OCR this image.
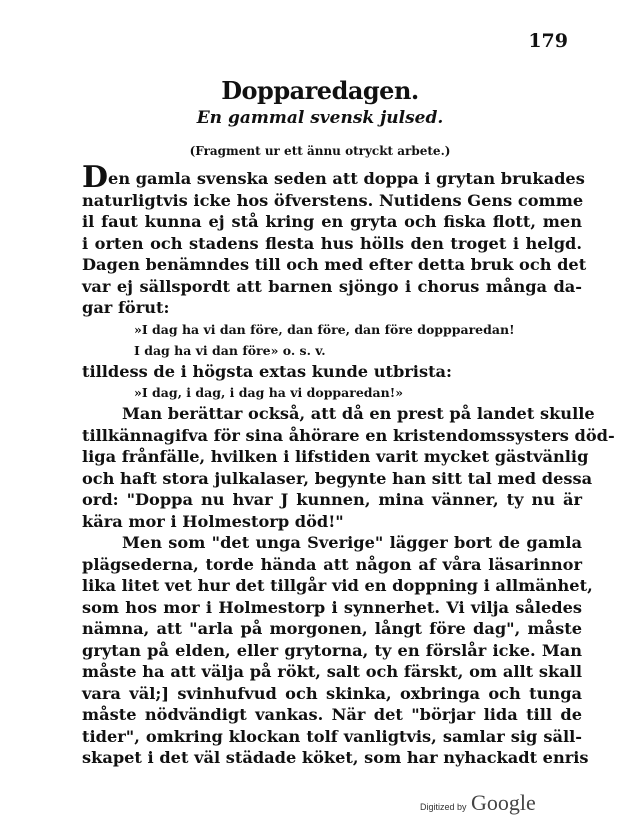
179
Dopparedagen.
En gammal svensk julsed.
(Fragment ur ett ännu otryckt arbete.)
Den gamla svenska seden att doppa i grytan brukades
naturligtvis icke hos öfverstens. Nutidens Gens comme
il faut kunna ej stå kring en gryta och fiska flott, men
i orten och stadens flesta hus hölls den troget i helgd.
Dagen benämndes till och med efter detta bruk och det
var ej sällspordt att barnen sjöngo i chorus många da-
gar förut:
»I dag ha vi dan före, dan före, dan före doppparedan!
I dag ha vi dan före» o. s. v.
tilldess de i högsta extas kunde utbrista:
»I dag, i dag, i dag ha vi dopparedan!»
Man berättar också, att då en prest på landet skulle
tillkännagifva för sina åhörare en kristendomssysters död-
liga frånfälle, hvilken i lifstiden varit mycket gästvänlig
och haft stora julkalaser, begynte han sitt tal med dessa
ord: "Doppa nu hvar J kunnen, mina vänner, ty nu är
kära mor i Holmestorp död!"
Men som "det unga Sverige" lägger bort de gamla
plägsederna, torde hända att någon af våra läsarinnor
lika litet vet hur det tillgår vid en doppning i allmänhet,
som hos mor i Holmestorp i synnerhet. Vi vilja således
nämna, att "arla på morgonen, långt före dag", måste
grytan på elden, eller grytorna, ty en förslår icke. Man
måste ha att välja på rökt, salt och färskt, om allt skall
vara väl;] svinhufvud och skinka, oxbringa och tunga
måste nödvändigt vankas. När det "börjar lida till de
tider", omkring klockan tolf vanligtvis, samlar sig säll-
skapet i det väl städade köket, som har nyhackadt enris
Digitized by Google
